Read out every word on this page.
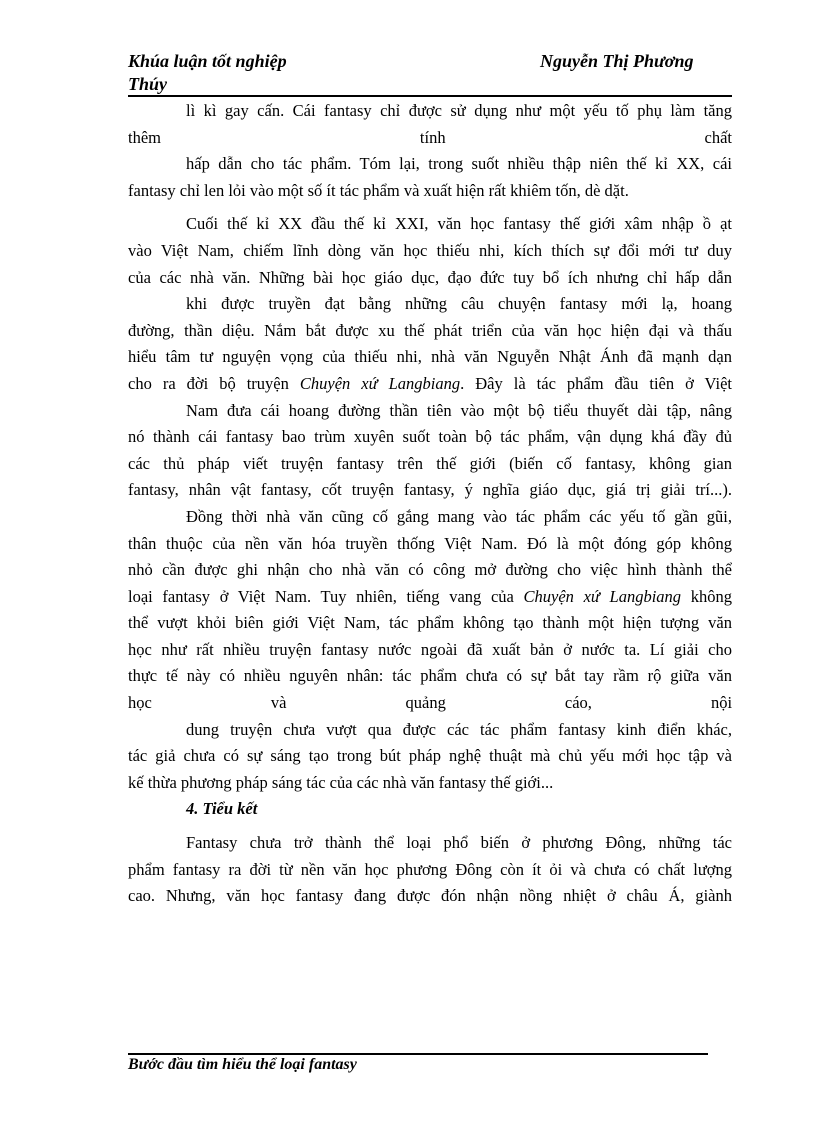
Khúa luận tốt nghiệp
Thúy
Nguyễn Thị Phương
lì kì gay cấn. Cái fantasy chỉ được sử dụng như một yếu tố phụ làm tăng
thêm	tính	chất
hấp dẫn cho tác phẩm. Tóm lại, trong suốt nhiều thập niên thế kỉ XX, cái
fantasy chỉ len lỏi vào một số ít tác phẩm và xuất hiện rất khiêm tốn, dè dặt.
Cuối thế kỉ XX đầu thế kỉ XXI, văn học fantasy thế giới xâm nhập ồ ạt
vào Việt Nam, chiếm lĩnh dòng văn học thiếu nhi, kích thích sự đổi mới tư duy
của các nhà văn. Những bài học giáo dục, đạo đức tuy bổ ích nhưng chỉ hấp dẫn
khi được truyền đạt bằng những câu chuyện fantasy mới lạ, hoang
đường, thần diệu. Nắm bắt được xu thế phát triển của văn học hiện đại và thấu
hiểu tâm tư nguyện vọng của thiếu nhi, nhà văn Nguyễn Nhật Ánh đã mạnh dạn
cho ra đời bộ truyện Chuyện xứ Langbiang. Đây là tác phẩm đầu tiên ở Việt
Nam đưa cái hoang đường thần tiên vào một bộ tiểu thuyết dài tập, nâng
nó thành cái fantasy bao trùm xuyên suốt toàn bộ tác phẩm, vận dụng khá đầy đủ
các thủ pháp viết truyện fantasy trên thế giới (biến cố fantasy, không gian
fantasy, nhân vật fantasy, cốt truyện fantasy, ý nghĩa giáo dục, giá trị giải trí...).
Đồng thời nhà văn cũng cố gắng mang vào tác phẩm các yếu tố gần gũi,
thân thuộc của nền văn hóa truyền thống Việt Nam. Đó là một đóng góp không
nhỏ cần được ghi nhận cho nhà văn có công mở đường cho việc hình thành thể
loại fantasy ở Việt Nam. Tuy nhiên, tiếng vang của Chuyện xứ Langbiang không
thể vượt khỏi biên giới Việt Nam, tác phẩm không tạo thành một hiện tượng văn
học như rất nhiều truyện fantasy nước ngoài đã xuất bản ở nước ta. Lí giải cho
thực tế này có nhiều nguyên nhân: tác phẩm chưa có sự bắt tay rầm rộ giữa văn
học	và	quảng	cáo,	nội
dung truyện chưa vượt qua được các tác phẩm fantasy kinh điển khác,
tác giả chưa có sự sáng tạo trong bút pháp nghệ thuật mà chủ yếu mới học tập và
kế thừa phương pháp sáng tác của các nhà văn fantasy thế giới...
4. Tiểu kết
Fantasy chưa trở thành thể loại phổ biến ở phương Đông, những tác
phẩm fantasy ra đời từ nền văn học phương Đông còn ít ỏi và chưa có chất lượng
cao. Nhưng, văn học fantasy đang được đón nhận nồng nhiệt ở châu Á, giành
Bước đầu tìm hiểu thể loại fantasy
